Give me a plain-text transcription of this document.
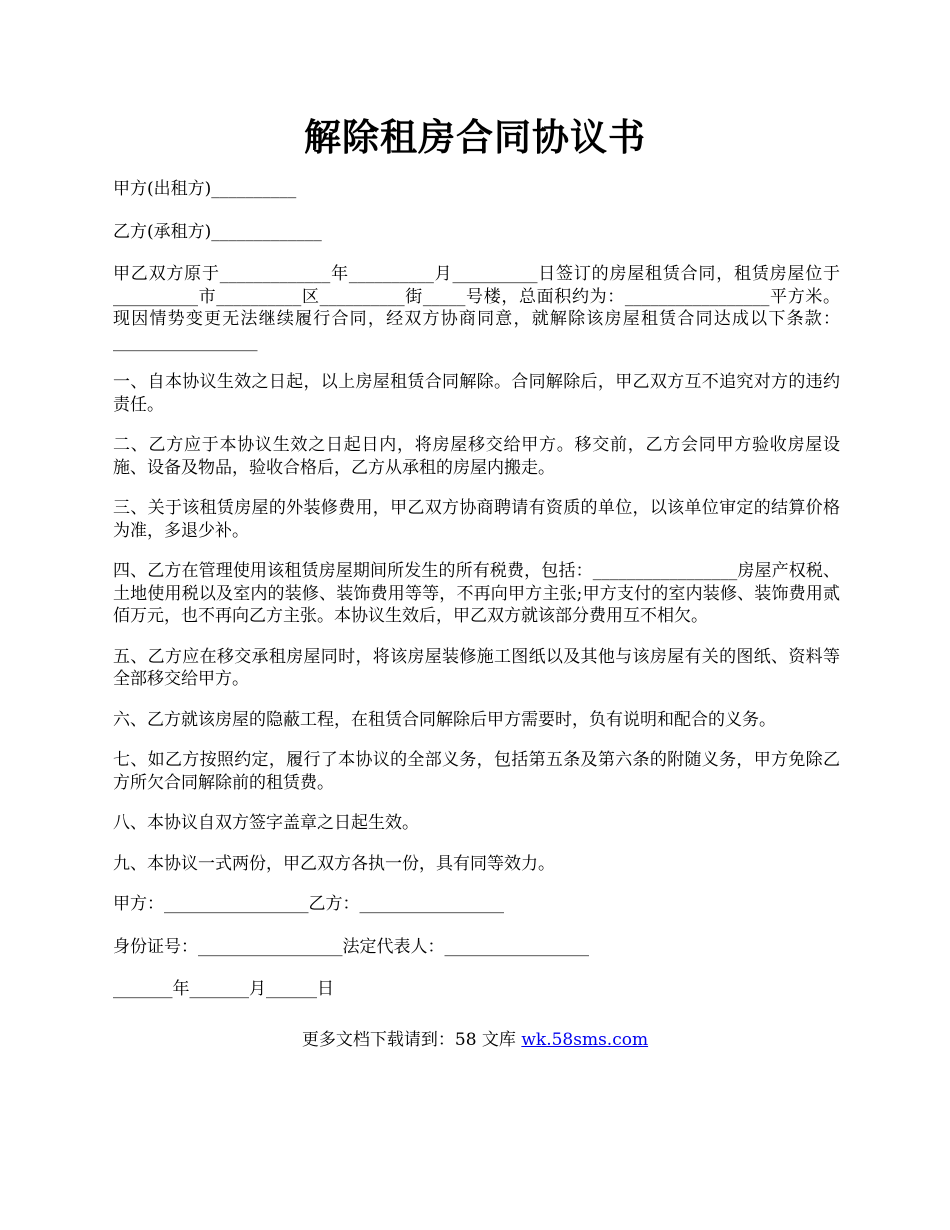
解除租房合同协议书

甲方(出租方)__________

乙方(承租方)_____________

甲乙双方原于_____________年__________月__________日签订的房屋租赁合同，租赁房屋位于__________市__________区__________街_____号楼，总面积约为：_________________平方米。现因情势变更无法继续履行合同，经双方协商同意，就解除该房屋租赁合同达成以下条款：_________________

一、自本协议生效之日起，以上房屋租赁合同解除。合同解除后，甲乙双方互不追究对方的违约责任。

二、乙方应于本协议生效之日起日内，将房屋移交给甲方。移交前，乙方会同甲方验收房屋设施、设备及物品，验收合格后，乙方从承租的房屋内搬走。

三、关于该租赁房屋的外装修费用，甲乙双方协商聘请有资质的单位，以该单位审定的结算价格为准，多退少补。

四、乙方在管理使用该租赁房屋期间所发生的所有税费，包括：_________________房屋产权税、土地使用税以及室内的装修、装饰费用等等，不再向甲方主张;甲方支付的室内装修、装饰费用贰佰万元，也不再向乙方主张。本协议生效后，甲乙双方就该部分费用互不相欠。

五、乙方应在移交承租房屋同时，将该房屋装修施工图纸以及其他与该房屋有关的图纸、资料等全部移交给甲方。

六、乙方就该房屋的隐蔽工程，在租赁合同解除后甲方需要时，负有说明和配合的义务。

七、如乙方按照约定，履行了本协议的全部义务，包括第五条及第六条的附随义务，甲方免除乙方所欠合同解除前的租赁费。

八、本协议自双方签字盖章之日起生效。

九、本协议一式两份，甲乙双方各执一份，具有同等效力。

甲方：_________________乙方：_________________

身份证号：_________________法定代表人：_________________

_______年_______月______日

更多文档下载请到：58 文库 wk.58sms.com
